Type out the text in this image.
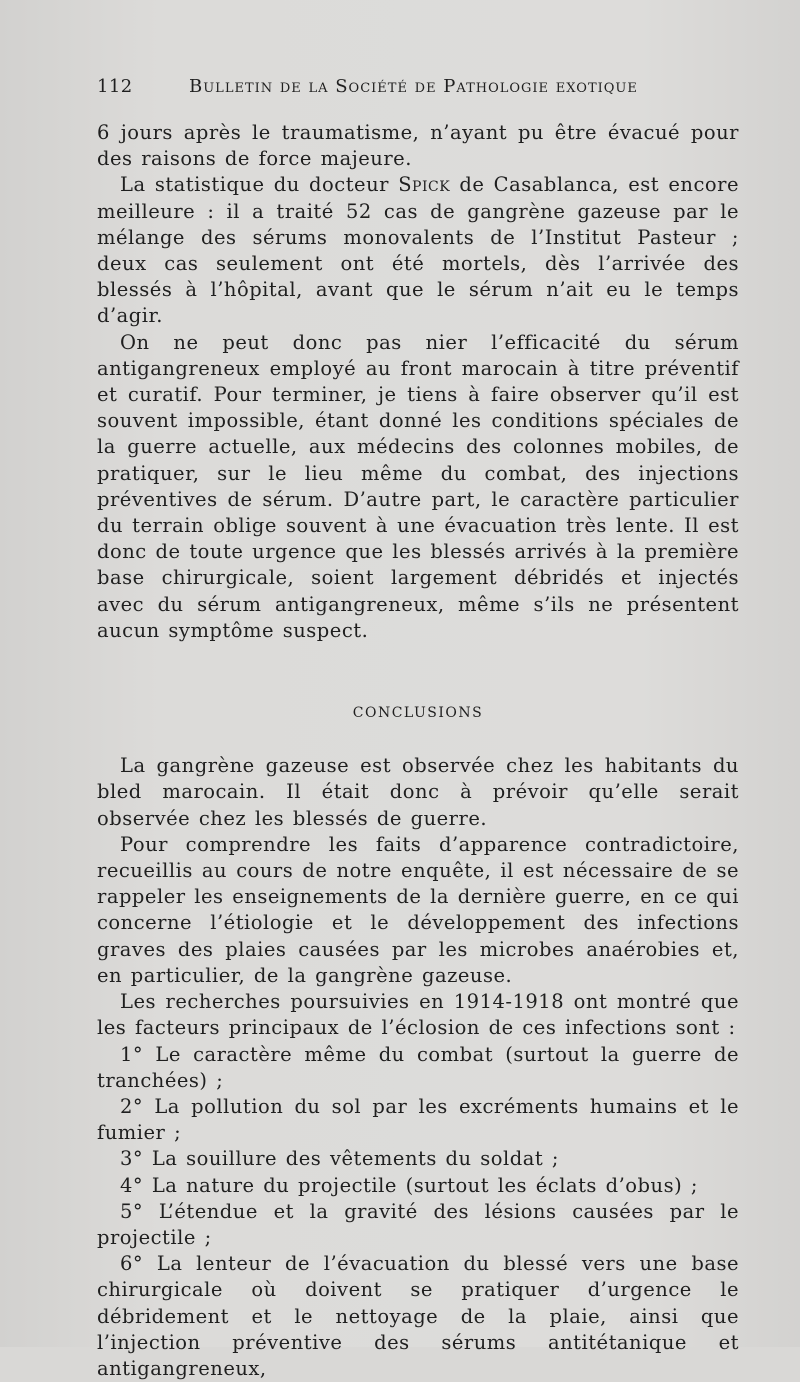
112	Bulletin de la Société de Pathologie exotique

6 jours après le traumatisme, n’ayant pu être évacué pour des raisons de force majeure.

La statistique du docteur Spick de Casablanca, est encore meilleure : il a traité 52 cas de gangrène gazeuse par le mélange des sérums monovalents de l’Institut Pasteur ; deux cas seulement ont été mortels, dès l’arrivée des blessés à l’hôpital, avant que le sérum n’ait eu le temps d’agir.

On ne peut donc pas nier l’efficacité du sérum antigangreneux employé au front marocain à titre préventif et curatif. Pour terminer, je tiens à faire observer qu’il est souvent impossible, étant donné les conditions spéciales de la guerre actuelle, aux médecins des colonnes mobiles, de pratiquer, sur le lieu même du combat, des injections préventives de sérum. D’autre part, le caractère particulier du terrain oblige souvent à une évacuation très lente. Il est donc de toute urgence que les blessés arrivés à la première base chirurgicale, soient largement débridés et injectés avec du sérum antigangreneux, même s’ils ne présentent aucun symptôme suspect.

CONCLUSIONS

La gangrène gazeuse est observée chez les habitants du bled marocain. Il était donc à prévoir qu’elle serait observée chez les blessés de guerre.

Pour comprendre les faits d’apparence contradictoire, recueillis au cours de notre enquête, il est nécessaire de se rappeler les enseignements de la dernière guerre, en ce qui concerne l’étiologie et le développement des infections graves des plaies causées par les microbes anaérobies et, en particulier, de la gangrène gazeuse.

Les recherches poursuivies en 1914-1918 ont montré que les facteurs principaux de l’éclosion de ces infections sont :

1° Le caractère même du combat (surtout la guerre de tranchées) ;

2° La pollution du sol par les excréments humains et le fumier ;

3° La souillure des vêtements du soldat ;

4° La nature du projectile (surtout les éclats d’obus) ;

5° L’étendue et la gravité des lésions causées par le projectile ;

6° La lenteur de l’évacuation du blessé vers une base chirurgicale où doivent se pratiquer d’urgence le débridement et le nettoyage de la plaie, ainsi que l’injection préventive des sérums antitétanique et antigangreneux,
